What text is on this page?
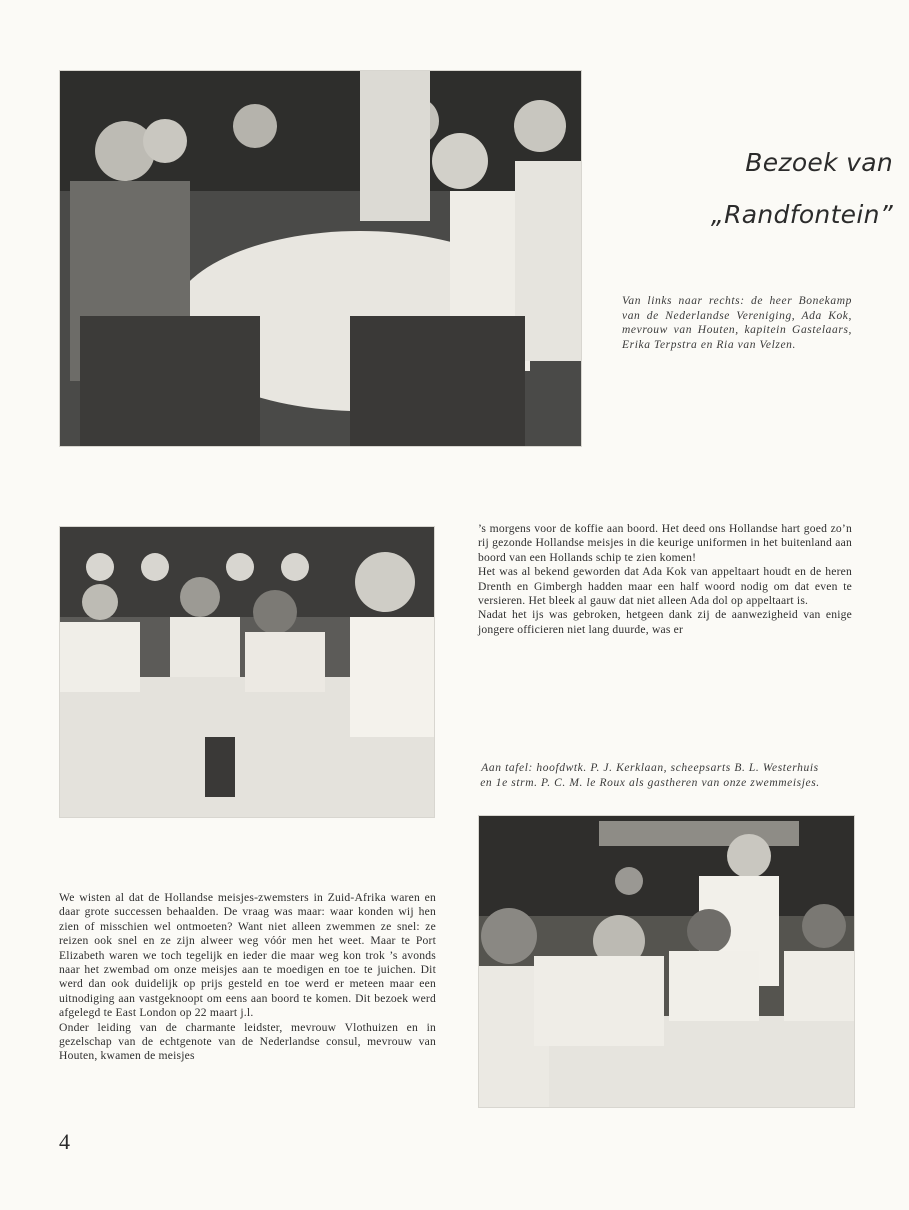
Bezoek van
„Randfontein”
Van links naar rechts: de heer Bonekamp van de Nederlandse Vereniging, Ada Kok, mevrouw van Houten, kapitein Gastelaars, Erika Terpstra en Ria van Velzen.

’s morgens voor de koffie aan boord. Het deed ons Hollandse hart goed zo’n rij gezonde Hollandse meisjes in die keurige uniformen in het buitenland aan boord van een Hollands schip te zien komen!

Het was al bekend geworden dat Ada Kok van appeltaart houdt en de heren Drenth en Gimbergh hadden maar een half woord nodig om dat even te versieren. Het bleek al gauw dat niet alleen Ada dol op appeltaart is.

Nadat het ijs was gebroken, hetgeen dank zij de aanwezigheid van enige jongere officieren niet lang duurde, was er

Aan tafel: hoofdwtk. P. J. Kerklaan, scheepsarts B. L. Westerhuis
en 1e strm. P. C. M. le Roux als gastheren van onze zwemmeisjes.

We wisten al dat de Hollandse meisjes-zwemsters in Zuid-Afrika waren en daar grote successen behaalden. De vraag was maar: waar konden wij hen zien of misschien wel ontmoeten? Want niet alleen zwemmen ze snel: ze reizen ook snel en ze zijn alweer weg vóór men het weet. Maar te Port Elizabeth waren we toch tegelijk en ieder die maar weg kon trok ’s avonds naar het zwembad om onze meisjes aan te moedigen en toe te juichen. Dit werd dan ook duidelijk op prijs gesteld en toe werd er meteen maar een uitnodiging aan vastgeknoopt om eens aan boord te komen. Dit bezoek werd afgelegd te East London op 22 maart j.l.

Onder leiding van de charmante leidster, mevrouw Vlothuizen en in gezelschap van de echtgenote van de Nederlandse consul, mevrouw van Houten, kwamen de meisjes

4
